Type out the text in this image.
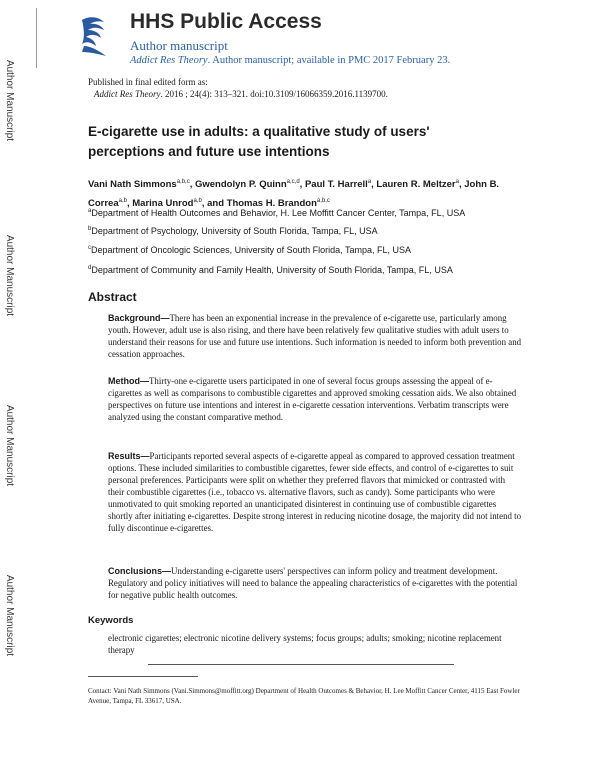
Author Manuscript
Author Manuscript
Author Manuscript
Author Manuscript
HHS Public Access
Author manuscript
Addict Res Theory. Author manuscript; available in PMC 2017 February 23.
Published in final edited form as:
Addict Res Theory. 2016 ; 24(4): 313–321. doi:10.3109/16066359.2016.1139700.
E-cigarette use in adults: a qualitative study of users' perceptions and future use intentions
Vani Nath Simmons$^{a,b,c}$, Gwendolyn P. Quinn$^{a,c,d}$, Paul T. Harrell$^a$, Lauren R. Meltzer$^a$, John B. Correa$^{a,b}$, Marina Unrod$^{a,b}$, and Thomas H. Brandon$^{a,b,c}$
$^a$Department of Health Outcomes and Behavior, H. Lee Moffitt Cancer Center, Tampa, FL, USA
$^b$Department of Psychology, University of South Florida, Tampa, FL, USA
$^c$Department of Oncologic Sciences, University of South Florida, Tampa, FL, USA
$^d$Department of Community and Family Health, University of South Florida, Tampa, FL, USA
Abstract
Background—There has been an exponential increase in the prevalence of e-cigarette use, particularly among youth. However, adult use is also rising, and there have been relatively few qualitative studies with adult users to understand their reasons for use and future use intentions. Such information is needed to inform both prevention and cessation approaches.
Method—Thirty-one e-cigarette users participated in one of several focus groups assessing the appeal of e-cigarettes as well as comparisons to combustible cigarettes and approved smoking cessation aids. We also obtained perspectives on future use intentions and interest in e-cigarette cessation interventions. Verbatim transcripts were analyzed using the constant comparative method.
Results—Participants reported several aspects of e-cigarette appeal as compared to approved cessation treatment options. These included similarities to combustible cigarettes, fewer side effects, and control of e-cigarettes to suit personal preferences. Participants were split on whether they preferred flavors that mimicked or contrasted with their combustible cigarettes (i.e., tobacco vs. alternative flavors, such as candy). Some participants who were unmotivated to quit smoking reported an unanticipated disinterest in continuing use of combustible cigarettes shortly after initiating e-cigarettes. Despite strong interest in reducing nicotine dosage, the majority did not intend to fully discontinue e-cigarettes.
Conclusions—Understanding e-cigarette users' perspectives can inform policy and treatment development. Regulatory and policy initiatives will need to balance the appealing characteristics of e-cigarettes with the potential for negative public health outcomes.
Keywords
electronic cigarettes; electronic nicotine delivery systems; focus groups; adults; smoking; nicotine replacement therapy
Contact: Vani Nath Simmons (Vani.Simmons@moffitt.org) Department of Health Outcomes & Behavior, H. Lee Moffitt Cancer Center, 4115 East Fowler Avenue, Tampa, FL 33617, USA.
